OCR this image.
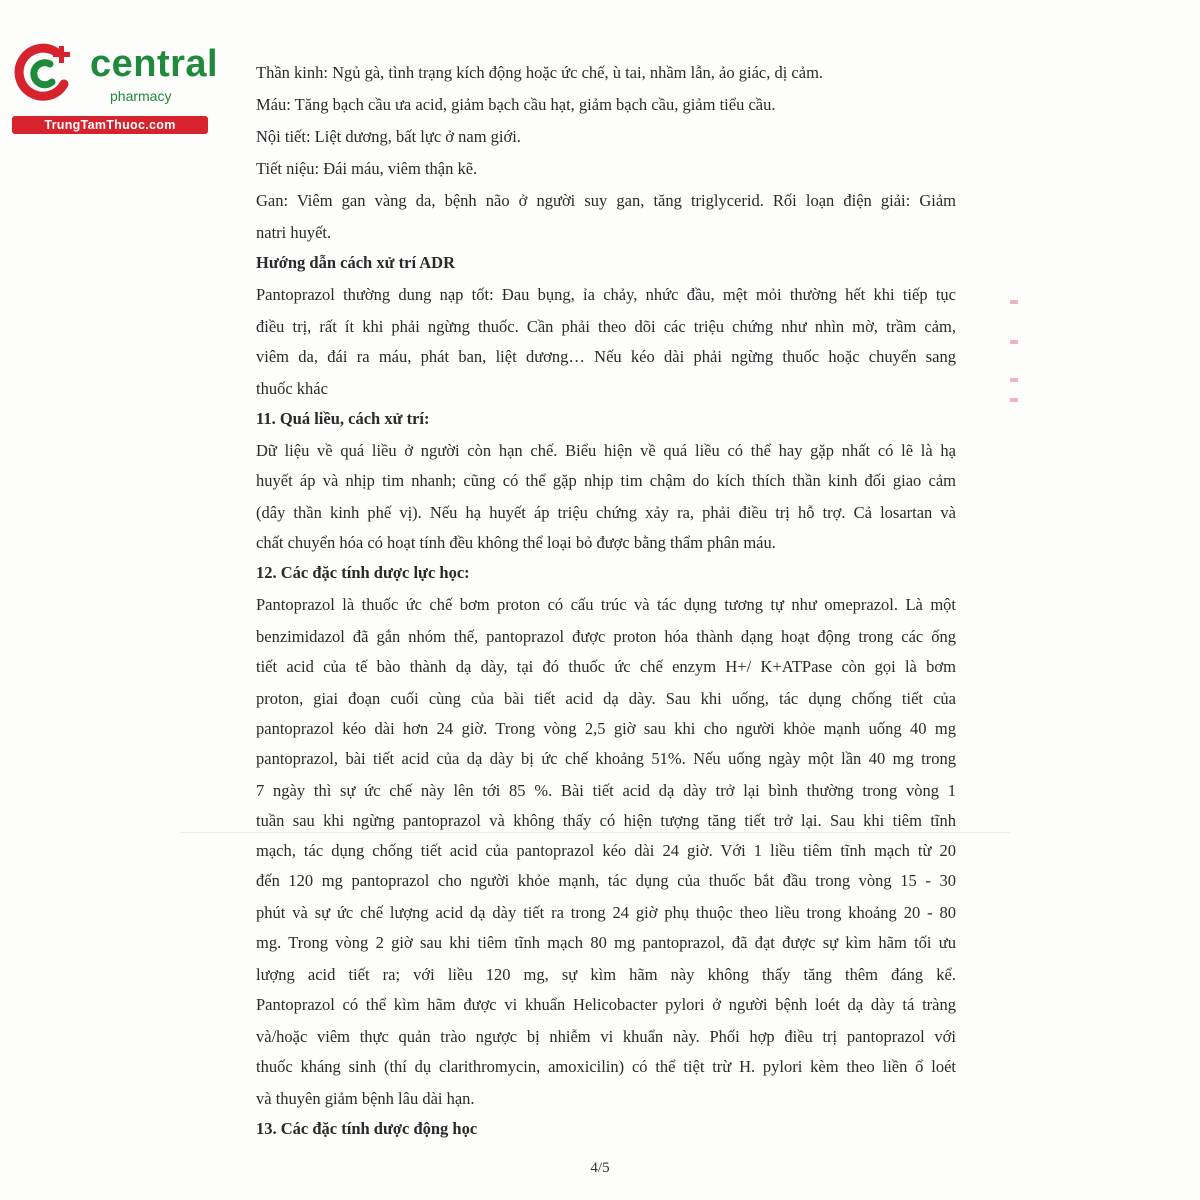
central
pharmacy
TrungTamThuoc.com
Thần kinh: Ngủ gà, tình trạng kích động hoặc ức chế, ù tai, nhầm lẫn, ảo giác, dị cảm.
Máu: Tăng bạch cầu ưa acid, giảm bạch cầu hạt, giảm bạch cầu, giảm tiểu cầu.
Nội tiết: Liệt dương, bất lực ở nam giới.
Tiết niệu: Đái máu, viêm thận kẽ.
Gan: Viêm gan vàng da, bệnh não ở người suy gan, tăng triglycerid. Rối loạn điện giải: Giảm
natri huyết.
Hướng dẫn cách xử trí ADR
Pantoprazol thường dung nạp tốt: Đau bụng, ỉa chảy, nhức đầu, mệt mỏi thường hết khi tiếp tục
điều trị, rất ít khi phải ngừng thuốc. Cần phải theo dõi các triệu chứng như nhìn mờ, trầm cảm,
viêm da, đái ra máu, phát ban, liệt dương… Nếu kéo dài phải ngừng thuốc hoặc chuyển sang
thuốc khác
11. Quá liều, cách xử trí:
Dữ liệu về quá liều ở người còn hạn chế. Biểu hiện về quá liều có thể hay gặp nhất có lẽ là hạ
huyết áp và nhịp tim nhanh; cũng có thể gặp nhịp tim chậm do kích thích thần kinh đối giao cảm
(dây thần kinh phế vị). Nếu hạ huyết áp triệu chứng xảy ra, phải điều trị hỗ trợ. Cả losartan và
chất chuyển hóa có hoạt tính đều không thể loại bỏ được bằng thẩm phân máu.
12. Các đặc tính dược lực học:
Pantoprazol là thuốc ức chế bơm proton có cấu trúc và tác dụng tương tự như omeprazol. Là một
benzimidazol đã gắn nhóm thế, pantoprazol được proton hóa thành dạng hoạt động trong các ống
tiết acid của tế bào thành dạ dày, tại đó thuốc ức chế enzym H+/ K+ATPase còn gọi là bơm
proton, giai đoạn cuối cùng của bài tiết acid dạ dày. Sau khi uống, tác dụng chống tiết của
pantoprazol kéo dài hơn 24 giờ. Trong vòng 2,5 giờ sau khi cho người khỏe mạnh uống 40 mg
pantoprazol, bài tiết acid của dạ dày bị ức chế khoảng 51%. Nếu uống ngày một lần 40 mg trong
7 ngày thì sự ức chế này lên tới 85 %. Bài tiết acid dạ dày trở lại bình thường trong vòng 1
tuần sau khi ngừng pantoprazol và không thấy có hiện tượng tăng tiết trở lại. Sau khi tiêm tĩnh
mạch, tác dụng chống tiết acid của pantoprazol kéo dài 24 giờ. Với 1 liều tiêm tĩnh mạch từ 20
đến 120 mg pantoprazol cho người khỏe mạnh, tác dụng của thuốc bắt đầu trong vòng 15 - 30
phút và sự ức chế lượng acid dạ dày tiết ra trong 24 giờ phụ thuộc theo liều trong khoảng 20 - 80
mg. Trong vòng 2 giờ sau khi tiêm tĩnh mạch 80 mg pantoprazol, đã đạt được sự kìm hãm tối ưu
lượng acid tiết ra; với liều 120 mg, sự kìm hãm này không thấy tăng thêm đáng kể.
Pantoprazol có thể kìm hãm được vi khuẩn Helicobacter pylori ở người bệnh loét dạ dày tá tràng
và/hoặc viêm thực quản trào ngược bị nhiễm vi khuẩn này. Phối hợp điều trị pantoprazol với
thuốc kháng sinh (thí dụ clarithromycin, amoxicilin) có thể tiệt trừ H. pylori kèm theo liền ổ loét
và thuyên giảm bệnh lâu dài hạn.
13. Các đặc tính dược động học
4/5
